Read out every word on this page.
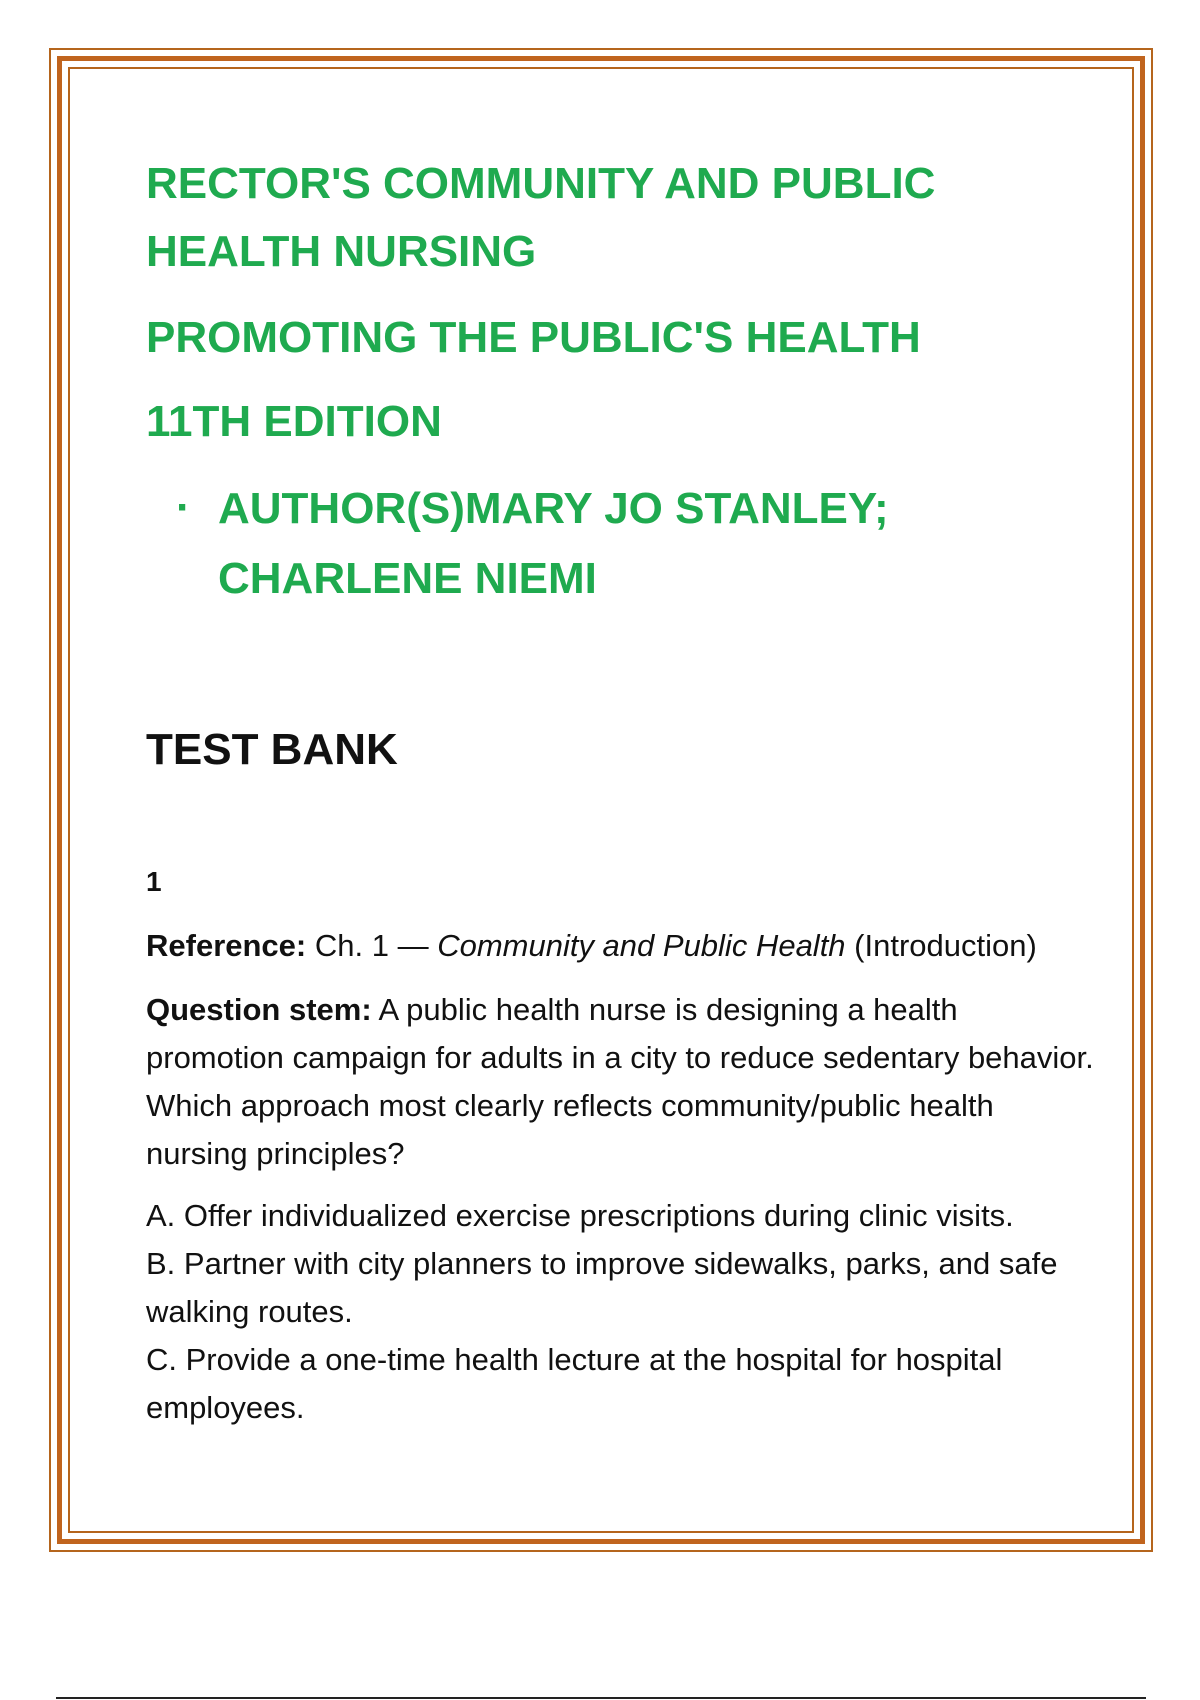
RECTOR'S COMMUNITY AND PUBLIC HEALTH NURSING

PROMOTING THE PUBLIC'S HEALTH

11TH EDITION

· AUTHOR(S)MARY JO STANLEY; CHARLENE NIEMI
TEST BANK
1
Reference: Ch. 1 — Community and Public Health (Introduction)
Question stem: A public health nurse is designing a health promotion campaign for adults in a city to reduce sedentary behavior. Which approach most clearly reflects community/public health nursing principles?
A. Offer individualized exercise prescriptions during clinic visits.
B. Partner with city planners to improve sidewalks, parks, and safe walking routes.
C. Provide a one-time health lecture at the hospital for hospital employees.
